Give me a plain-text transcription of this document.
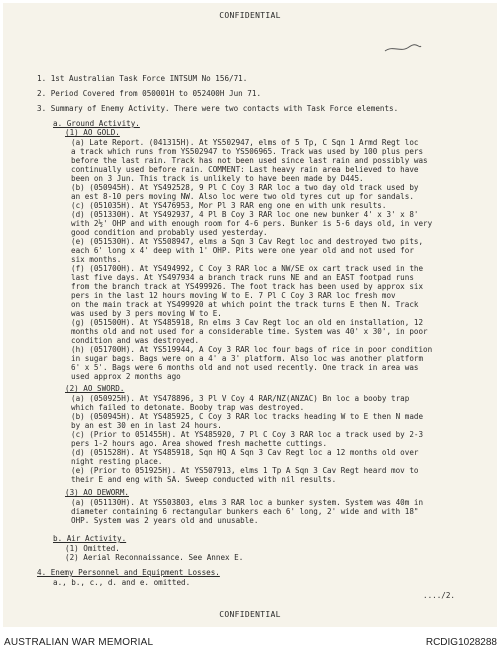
CONFIDENTIAL
1. 1st Australian Task Force INTSUM No 156/71.
2. Period Covered from 050001H to 052400H Jun 71.
3. Summary of Enemy Activity. There were two contacts with Task Force elements.
a. Ground Activity.
(1) AO GOLD.
(a) Late Report. (041315H). At YS502947, elms of 5 Tp, C Sqn 1 Armd Regt loc
a track which runs from YS502947 to YS506965. Track was used by 100 plus pers
before the last rain. Track has not been used since last rain and possibly was
continually used before rain. COMMENT: Last heavy rain area believed to have
been on 3 Jun. This track is unlikely to have been made by D445.
(b) (050945H). At YS492528, 9 Pl C Coy 3 RAR loc a two day old track used by
an est 8-10 pers moving NW. Also loc were two old tyres cut up for sandals.
(c) (051035H). At YS476953, Mor Pl 3 RAR eng one en with unk results.
(d) (051330H). At YS492937, 4 Pl B Coy 3 RAR loc one new bunker 4' x 3' x 8'
with 2½' OHP and with enough room for 4-6 pers. Bunker is 5-6 days old, in very
good condition and probably used yesterday.
(e) (051530H). At YS508947, elms a Sqn 3 Cav Regt loc and destroyed two pits,
each 6' long x 4' deep with 1' OHP. Pits were one year old and not used for
six months.
(f) (051700H). At YS494992, C Coy 3 RAR loc a NW/SE ox cart track used in the
last five days. At YS497934 a branch track runs NE and an EAST footpad runs
from the branch track at YS499926. The foot track has been used by approx six
pers in the last 12 hours moving W to E. 7 Pl C Coy 3 RAR loc fresh mov
on the main track at YS499920 at which point the track turns E then N. Track
was used by 3 pers moving W to E.
(g) (051500H). At YS485918, Rn elms 3 Cav Regt loc an old en installation, 12
months old and not used for a considerable time. System was 40' x 30', in poor
condition and was destroyed.
(h) (051700H). At YS519944, A Coy 3 RAR loc four bags of rice in poor condition
in sugar bags. Bags were on a 4' a 3' platform. Also loc was another platform
6' x 5'. Bags were 6 months old and not used recently. One track in area was
used approx 2 months ago
(2) AO SWORD.
(a) (050925H). At YS478896, 3 Pl V Coy 4 RAR/NZ(ANZAC) Bn loc a booby trap
which failed to detonate. Booby trap was destroyed.
(b) (050945H). At YS485925, C Coy 3 RAR loc tracks heading W to E then N made
by an est 30 en in last 24 hours.
(c) (Prior to 051455H). At YS485920, 7 Pl C Coy 3 RAR loc a track used by 2-3
pers 1-2 hours ago. Area showed fresh machette cuttings.
(d) (051528H). At YS485918, Sqn HQ A Sqn 3 Cav Regt loc a 12 months old over
night resting place.
(e) (Prior to 051925H). At YS507913, elms 1 Tp A Sqn 3 Cav Regt heard mov to
their E and eng with SA. Sweep conducted with nil results.
(3) AO DEWORM.
(a) (051130H). At YS503803, elms 3 RAR loc a bunker system. System was 40m in
diameter containing 6 rectangular bunkers each 6' long, 2' wide and with 18"
OHP. System was 2 years old and unusable.
b. Air Activity.
(1) Omitted.
(2) Aerial Reconnaissance. See Annex E.
4. Enemy Personnel and Equipment Losses.
a., b., c., d. and e. omitted.
..../2.
CONFIDENTIAL
AUSTRALIAN WAR MEMORIAL	RCDIG1028288
